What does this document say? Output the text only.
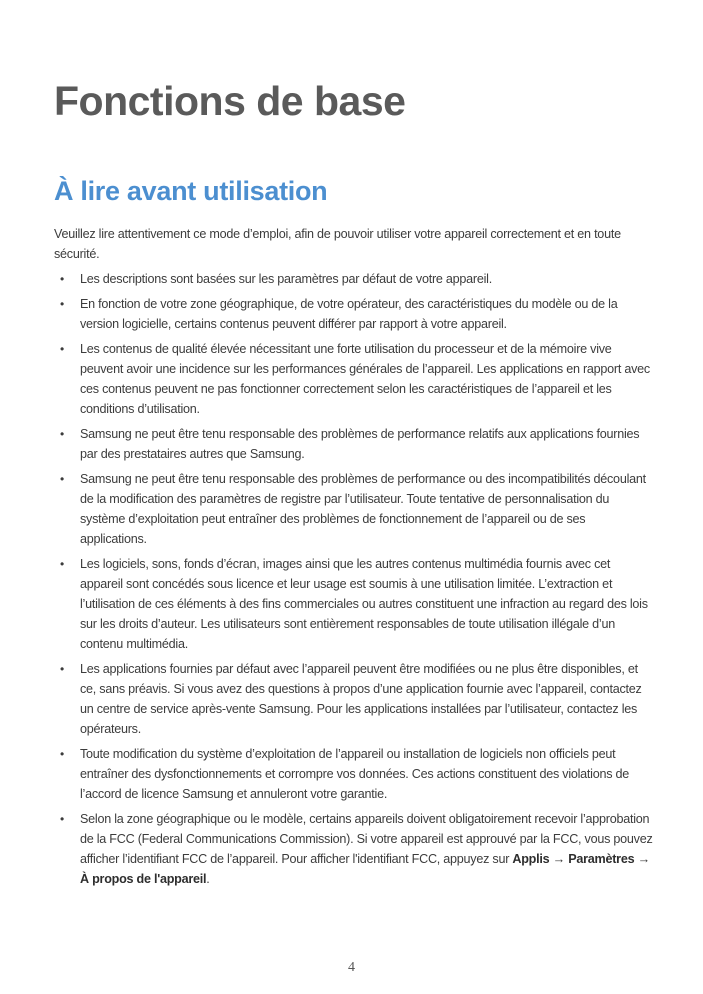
Fonctions de base
À lire avant utilisation

Veuillez lire attentivement ce mode d’emploi, afin de pouvoir utiliser votre appareil correctement et en toute sécurité.

• Les descriptions sont basées sur les paramètres par défaut de votre appareil.
• En fonction de votre zone géographique, de votre opérateur, des caractéristiques du modèle ou de la version logicielle, certains contenus peuvent différer par rapport à votre appareil.
• Les contenus de qualité élevée nécessitant une forte utilisation du processeur et de la mémoire vive peuvent avoir une incidence sur les performances générales de l’appareil. Les applications en rapport avec ces contenus peuvent ne pas fonctionner correctement selon les caractéristiques de l’appareil et les conditions d’utilisation.
• Samsung ne peut être tenu responsable des problèmes de performance relatifs aux applications fournies par des prestataires autres que Samsung.
• Samsung ne peut être tenu responsable des problèmes de performance ou des incompatibilités découlant de la modification des paramètres de registre par l’utilisateur. Toute tentative de personnalisation du système d’exploitation peut entraîner des problèmes de fonctionnement de l’appareil ou de ses applications.
• Les logiciels, sons, fonds d’écran, images ainsi que les autres contenus multimédia fournis avec cet appareil sont concédés sous licence et leur usage est soumis à une utilisation limitée. L’extraction et l’utilisation de ces éléments à des fins commerciales ou autres constituent une infraction au regard des lois sur les droits d’auteur. Les utilisateurs sont entièrement responsables de toute utilisation illégale d’un contenu multimédia.
• Les applications fournies par défaut avec l’appareil peuvent être modifiées ou ne plus être disponibles, et ce, sans préavis. Si vous avez des questions à propos d’une application fournie avec l’appareil, contactez un centre de service après-vente Samsung. Pour les applications installées par l’utilisateur, contactez les opérateurs.
• Toute modification du système d’exploitation de l’appareil ou installation de logiciels non officiels peut entraîner des dysfonctionnements et corrompre vos données. Ces actions constituent des violations de l’accord de licence Samsung et annuleront votre garantie.
• Selon la zone géographique ou le modèle, certains appareils doivent obligatoirement recevoir l’approbation de la FCC (Federal Communications Commission). Si votre appareil est approuvé par la FCC, vous pouvez afficher l’identifiant FCC de l’appareil. Pour afficher l'identifiant FCC, appuyez sur Applis → Paramètres → À propos de l'appareil.
4
